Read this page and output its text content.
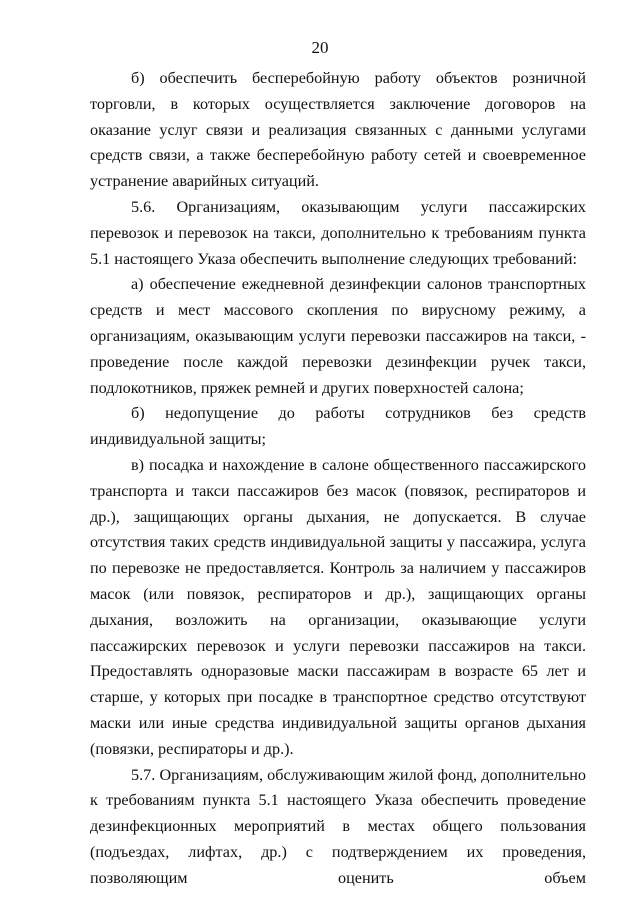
20

б) обеспечить бесперебойную работу объектов розничной торговли, в которых осуществляется заключение договоров на оказание услуг связи и реализация связанных с данными услугами средств связи, а также бесперебойную работу сетей и своевременное устранение аварийных ситуаций.

5.6. Организациям, оказывающим услуги пассажирских перевозок и перевозок на такси, дополнительно к требованиям пункта 5.1 настоящего Указа обеспечить выполнение следующих требований:

а) обеспечение ежедневной дезинфекции салонов транспортных средств и мест массового скопления по вирусному режиму, а организациям, оказывающим услуги перевозки пассажиров на такси, - проведение после каждой перевозки дезинфекции ручек такси, подлокотников, пряжек ремней и других поверхностей салона;

б) недопущение до работы сотрудников без средств индивидуальной защиты;

в) посадка и нахождение в салоне общественного пассажирского транспорта и такси пассажиров без масок (повязок, респираторов и др.), защищающих органы дыхания, не допускается. В случае отсутствия таких средств индивидуальной защиты у пассажира, услуга по перевозке не предоставляется. Контроль за наличием у пассажиров масок (или повязок, респираторов и др.), защищающих органы дыхания, возложить на организации, оказывающие услуги пассажирских перевозок и услуги перевозки пассажиров на такси. Предоставлять одноразовые маски пассажирам в возрасте 65 лет и старше, у которых при посадке в транспортное средство отсутствуют маски или иные средства индивидуальной защиты органов дыхания (повязки, респираторы и др.).

5.7. Организациям, обслуживающим жилой фонд, дополнительно к требованиям пункта 5.1 настоящего Указа обеспечить проведение дезинфекционных мероприятий в местах общего пользования (подъездах, лифтах, др.) с подтверждением их проведения, позволяющим оценить объем
